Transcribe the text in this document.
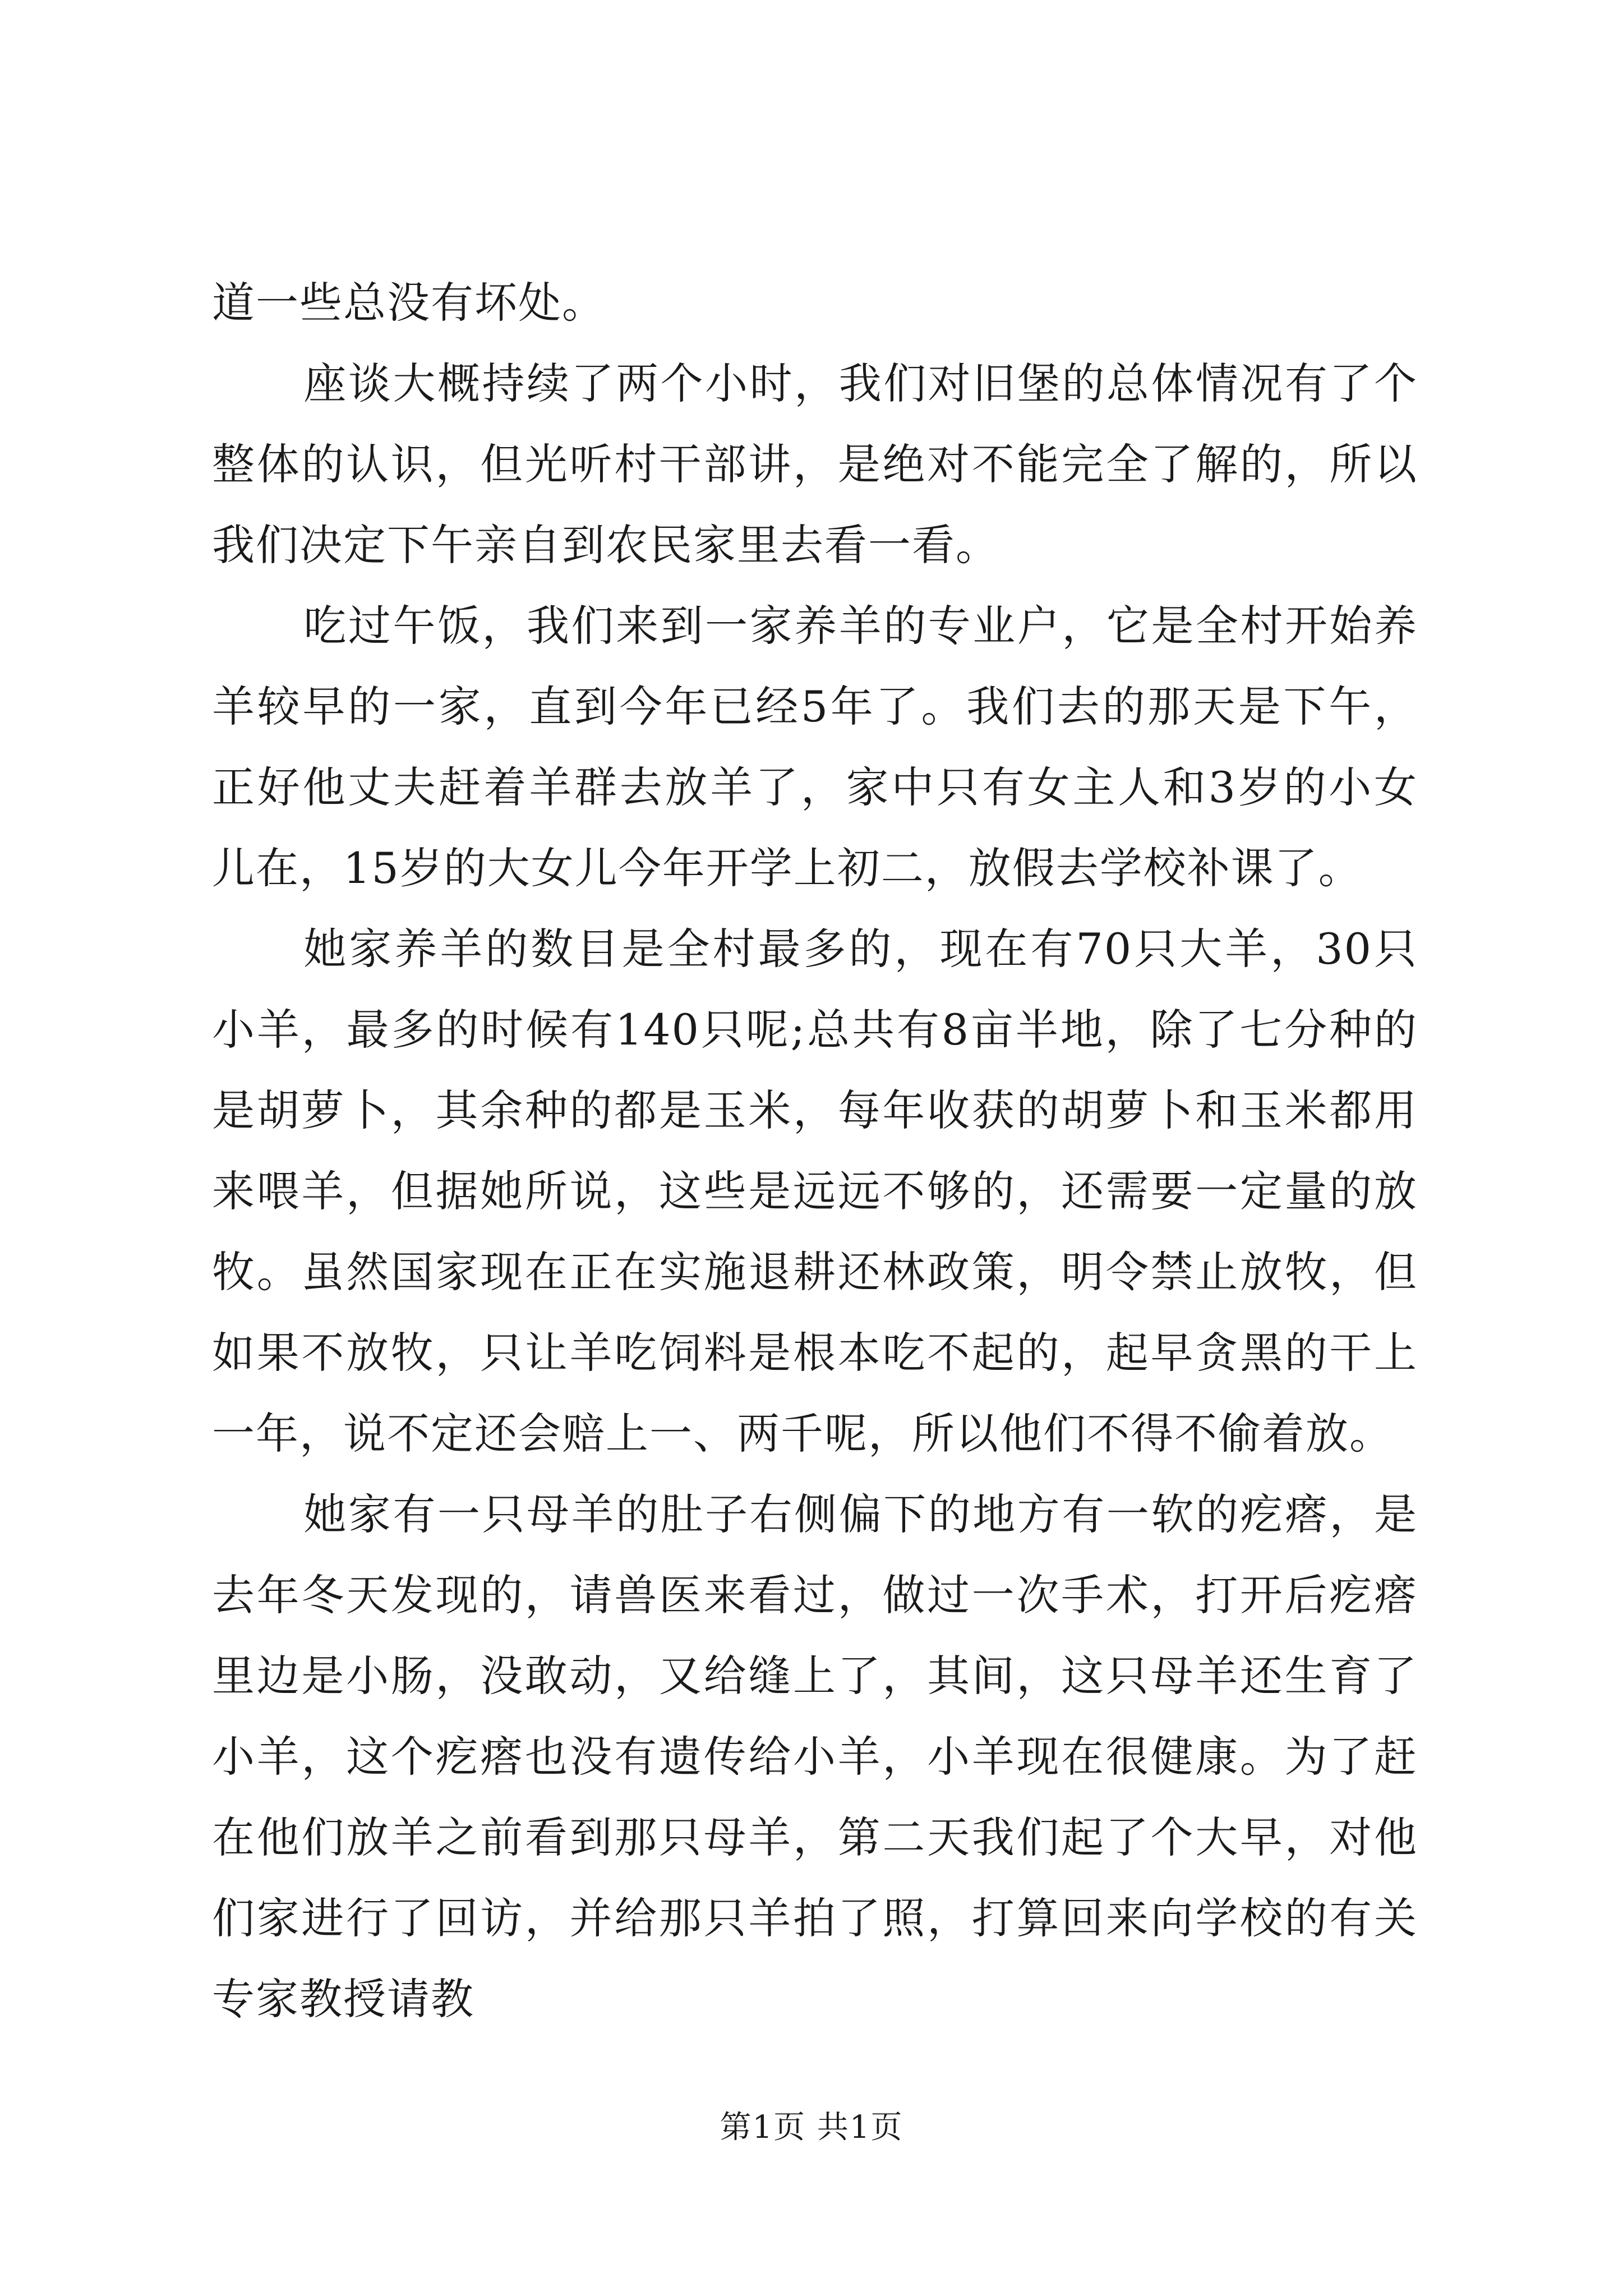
道一些总没有坏处。

座谈大概持续了两个小时，我们对旧堡的总体情况有了个整体的认识，但光听村干部讲，是绝对不能完全了解的，所以我们决定下午亲自到农民家里去看一看。

吃过午饭，我们来到一家养羊的专业户，它是全村开始养羊较早的一家，直到今年已经5年了。我们去的那天是下午，正好他丈夫赶着羊群去放羊了，家中只有女主人和3岁的小女儿在，15岁的大女儿今年开学上初二，放假去学校补课了。

她家养羊的数目是全村最多的，现在有70只大羊，30只小羊，最多的时候有140只呢;总共有8亩半地，除了七分种的是胡萝卜，其余种的都是玉米，每年收获的胡萝卜和玉米都用来喂羊，但据她所说，这些是远远不够的，还需要一定量的放牧。虽然国家现在正在实施退耕还林政策，明令禁止放牧，但如果不放牧，只让羊吃饲料是根本吃不起的，起早贪黑的干上一年，说不定还会赔上一、两千呢，所以他们不得不偷着放。

她家有一只母羊的肚子右侧偏下的地方有一软的疙瘩，是去年冬天发现的，请兽医来看过，做过一次手术，打开后疙瘩里边是小肠，没敢动，又给缝上了，其间，这只母羊还生育了小羊，这个疙瘩也没有遗传给小羊，小羊现在很健康。为了赶在他们放羊之前看到那只母羊，第二天我们起了个大早，对他们家进行了回访，并给那只羊拍了照，打算回来向学校的有关专家教授请教

第1页 共1页
